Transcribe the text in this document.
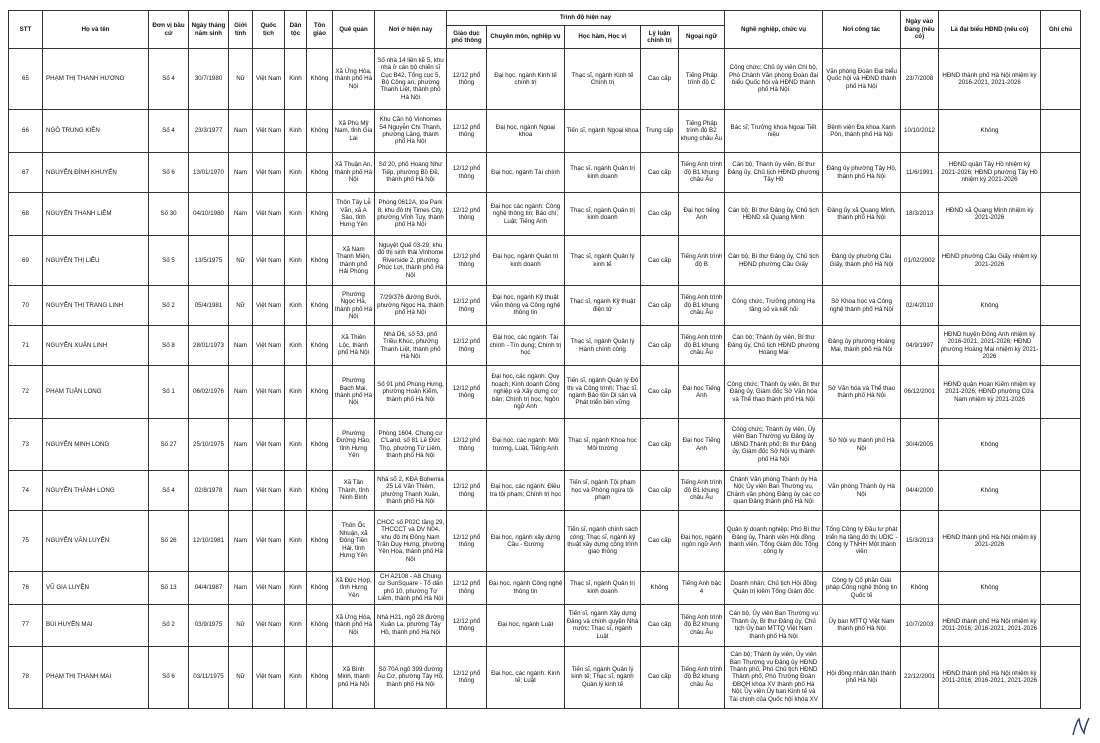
STT	Họ và tên	Đơn vị bầu cử	Ngày tháng năm sinh	Giới tính	Quốc tịch	Dân tộc	Tôn giáo	Quê quán	Nơi ở hiện nay	Trình độ hiện nay					Nghề nghiệp, chức vụ	Nơi công tác	Ngày vào Đảng (nếu có)	Là đại biểu HĐND (nếu có)	Ghi chú
										Giáo dục phổ thông	Chuyên môn, nghiệp vụ	Học hàm, Học vị	Lý luận chính trị	Ngoại ngữ					
65	PHẠM THỊ THANH HƯƠNG	Số 4	30/7/1980	Nữ	Việt Nam	Kinh	Không	Xã Ứng Hòa, thành phố Hà Nội	Số nhà 14 liền kề 5, khu nhà ở cán bộ chiến sĩ Cục B42, Tổng cục 5, Bộ Công an, phường Thanh Liệt, thành phố Hà Nội	12/12 phổ thông	Đại học, ngành Kinh tế chính trị	Thạc sĩ, ngành Kinh tế Chính trị	Cao cấp	Tiếng Pháp trình độ C	Công chức; Chủ ủy viên Chi bộ, Phó Chánh Văn phòng Đoàn đại biểu Quốc hội và HĐND thành phố Hà Nội	Văn phòng Đoàn Đại biểu Quốc hội và HĐND thành phố Hà Nội	23/7/2008	HĐND thành phố Hà Nội nhiệm kỳ 2016-2021, 2021-2026	
66	NGÔ TRUNG KIÊN	Số 4	23/3/1977	Nam	Việt Nam	Kinh	Không	Xã Phù Mỹ Nam, tỉnh Gia Lai	Khu Căn hộ Vinhomes 54 Nguyễn Chí Thanh, phường Láng, thành phố Hà Nội	12/12 phổ thông	Đại học, ngành Ngoại khoa	Tiến sĩ, ngành Ngoại khoa	Trung cấp	Tiếng Pháp trình độ B2 khung châu Âu	Bác sĩ; Trưởng khoa Ngoại Tiết niệu	Bệnh viện Đa khoa Xanh Pôn, thành phố Hà Nội	10/10/2012	Không	
67	NGUYỄN ĐÌNH KHUYẾN	Số 6	13/01/1970	Nam	Việt Nam	Kinh	Không	Xã Thuận An, thành phố Hà Nội	Số 20, phố Hoàng Như Tiếp, phường Bồ Đề, thành phố Hà Nội	12/12 phổ thông	Đại học, ngành Tài chính	Thạc sĩ, ngành Quản trị kinh doanh	Cao cấp	Tiếng Anh trình độ B1 khung châu Âu	Cán bộ, Thành ủy viên, Bí thư Đảng ủy, Chủ tịch HĐND phường Tây Hồ	Đảng ủy phường Tây Hồ, thành phố Hà Nội	11/6/1991	HĐND quận Tây Hồ nhiệm kỳ 2021-2026; HĐND phường Tây Hồ nhiệm kỳ 2021-2026	
68	NGUYỄN THANH LIÊM	Số 30	04/10/1980	Nam	Việt Nam	Kinh	Không	Thôn Tây Lễ Văn, xã A Sào, tỉnh Hưng Yên	Phòng 0612A, tòa Park 8, khu đô thị Times City, phường Vĩnh Tuy, thành phố Hà Nội	12/12 phổ thông	Đại học các ngành: Công nghệ thông tin; Báo chí; Luật; Tiếng Anh	Thạc sĩ, ngành Quản trị kinh doanh	Cao cấp	Đại học tiếng Anh	Cán bộ; Bí thư Đảng ủy, Chủ tịch HĐND xã Quang Minh	Đảng ủy xã Quang Minh, thành phố Hà Nội	18/3/2013	HĐND xã Quang Minh nhiệm kỳ 2021-2026	
69	NGUYỄN THỊ LIỄU	Số 5	13/5/1975	Nữ	Việt Nam	Kinh	Không	Xã Nam Thanh Miện, thành phố Hải Phòng	Nguyệt Quế 03-29, khu đô thị sinh thái Vinhome Riverside 2, phường Phúc Lợi, thành phố Hà Nội	12/12 phổ thông	Đại học, ngành Quản trị kinh doanh	Thạc sĩ, ngành Quản lý kinh tế	Cao cấp	Tiếng Anh trình độ B	Cán bộ; Bí thư Đảng ủy, Chủ tịch HĐND phường Cầu Giấy	Đảng ủy phường Cầu Giấy, thành phố Hà Nội	01/02/2002	HĐND phường Cầu Giấy nhiệm kỳ 2021-2026	
70	NGUYỄN THỊ TRANG LINH	Số 2	05/4/1981	Nữ	Việt Nam	Kinh	Không	Phường Ngọc Hà, thành phố Hà Nội	7/29/376 đường Bưởi, phường Ngọc Hà, thành phố Hà Nội	12/12 phổ thông	Đại học, ngành Kỹ thuật Viễn thông và Công nghệ thông tin	Thạc sĩ, ngành Kỹ thuật điện tử	Cao cấp	Tiếng Anh trình độ B1 khung châu Âu	Công chức, Trưởng phòng Hạ tầng số và kết nối	Sở Khoa học và Công nghệ thành phố Hà Nội	02/4/2010	Không	
71	NGUYỄN XUÂN LINH	Số 8	28/01/1973	Nam	Việt Nam	Kinh	Không	Xã Thiên Lộc, thành phố Hà Nội	Nhà D6, số 53, phố Triều Khúc, phường Thanh Liệt, thành phố Hà Nội	12/12 phổ thông	Đại học, các ngành: Tài chính - Tín dụng; Chính trị học	Thạc sĩ, ngành Quản lý Hành chính công	Cao cấp	Tiếng Anh trình độ B1 khung châu Âu	Cán bộ; Thành ủy viên, Bí thư Đảng ủy, Chủ tịch HĐND phường Hoàng Mai	Đảng ủy phường Hoàng Mai, thành phố Hà Nội	04/9/1997	HĐND huyện Đông Anh nhiệm kỳ 2016-2021, 2021-2026; HĐND phường Hoàng Mai nhiệm kỳ 2021-2026	
72	PHẠM TUẤN LONG	Số 1	06/02/1976	Nam	Việt Nam	Kinh	Không	Phường Bạch Mai, thành phố Hà Nội	Số 91 phố Phùng Hưng, phường Hoàn Kiếm, thành phố Hà Nội	12/12 phổ thông	Đại học, các ngành: Quy hoạch; Kinh doanh Công nghiệp và Xây dựng cơ bản; Chính trị học; Ngôn ngữ Anh	Tiến sĩ, ngành Quản lý Đô thị và Công trình; Thạc sĩ, ngành Bảo tồn Di sản và Phát triển bền vững	Cao cấp	Đại học Tiếng Anh	Công chức; Thành ủy viên, Bí thư Đảng ủy, Giám đốc Sở Văn hóa và Thể thao thành phố Hà Nội	Sở Văn hóa và Thể thao thành phố Hà Nội	06/12/2001	HĐND quận Hoàn Kiếm nhiệm kỳ 2021-2026; HĐND phường Cửa Nam nhiệm kỳ 2021-2026	
73	NGUYỄN MINH LONG	Số 27	25/10/1975	Nam	Việt Nam	Kinh	Không	Phường Đường Hào, tỉnh Hưng Yên	Phòng 1604, Chung cư C'Land, số 81 Lê Đức Thọ, phường Từ Liêm, thành phố Hà Nội	12/12 phổ thông	Đại học, các ngành: Môi trường, Luật, Tiếng Anh	Thạc sĩ, ngành Khoa học Môi trường	Cao cấp	Đại học Tiếng Anh	Công chức; Thành ủy viên, Ủy viên Ban Thường vụ Đảng ủy UBND Thành phố; Bí thư Đảng ủy, Giám đốc Sở Nội vụ thành phố Hà Nội	Sở Nội vụ thành phố Hà Nội	30/4/2005	Không	
74	NGUYỄN THÀNH LONG	Số 4	02/8/1978	Nam	Việt Nam	Kinh	Không	Xã Tân Thành, tỉnh Ninh Bình	Nhà số 2, KĐA Bohemia 25 Lê Văn Thiêm, phường Thanh Xuân, thành phố Hà Nội	12/12 phổ thông	Đại học, các ngành: Điều tra tội phạm; Chính trị học	Tiến sĩ, ngành Tội phạm học và Phòng ngừa tội phạm	Cao cấp	Tiếng Anh trình độ B1 khung châu Âu	Chánh Văn phòng Thành ủy Hà Nội; Ủy viên Ban Thường vụ, Chánh văn phòng Đảng ủy các cơ quan Đảng thành phố Hà Nội	Văn phòng Thành ủy Hà Nội	04/4/2000	Không	
75	NGUYỄN VĂN LUYỆN	Số 26	12/10/1981	Nam	Việt Nam	Kinh	Không	Thôn Ốc Nhuận, xã Đông Tiền Hải, tỉnh Hưng Yên	CHCC số P02C tầng 29, THCCCT và DV N04, khu đô thị Đông Nam Trần Duy Hưng, phường Yên Hòa, thành phố Hà Nội	12/12 phổ thông	Đại học, ngành xây dựng Cầu - Đường	Tiến sĩ, ngành chính sách công; Thạc sĩ, ngành kỹ thuật xây dựng công trình giao thông	Cao cấp	Đại học, ngành ngôn ngữ Anh	Quản lý doanh nghiệp; Phó Bí thư Đảng ủy, Thành viên Hội đồng thành viên, Tổng Giám đốc Tổng công ty	Tổng Công ty Đầu tư phát triển hạ tầng đô thị UDIC - Công ty TNHH Một thành viên	15/3/2013	HĐND thành phố Hà Nội nhiệm kỳ 2021-2026	
76	VŨ GIA LUYỆN	Số 13	04/4/1987	Nam	Việt Nam	Kinh	Không	Xã Đức Hợp, tỉnh Hưng Yên	CH A2108 - A8 Chung cư SunSquare - Tổ dân phố 10, phường Từ Liêm, thành phố Hà Nội	12/12 phổ thông	Đại học, ngành Công nghệ thông tin	Thạc sĩ, ngành Quản trị kinh doanh	Không	Tiếng Anh bậc 4	Doanh nhân; Chủ tịch Hội đồng Quản trị kiêm Tổng Giám đốc	Công ty Cổ phần Giải pháp Công nghệ thông tin Quốc tế	Không	Không	
77	BÙI HUYỀN MAI	Số 2	03/9/1975	Nữ	Việt Nam	Kinh	Không	Xã Ứng Hòa, thành phố Hà Nội	Nhà H21, ngõ 28 đường Xuân La, phường Tây Hồ, thành phố Hà Nội	12/12 phổ thông	Đại học, ngành Luật	Tiến sĩ, ngành Xây dựng Đảng và chính quyền Nhà nước; Thạc sĩ, ngành Luật	Cao cấp	Tiếng Anh trình độ B2 khung châu Âu	Cán bộ, Ủy viên Ban Thường vụ Thành ủy, Bí thư Đảng ủy, Chủ tịch Ủy ban MTTQ Việt Nam thành phố Hà Nội	Ủy ban MTTQ Việt Nam thành phố Hà Nội	10/7/2003	HĐND thành phố Hà Nội nhiệm kỳ 2011-2016, 2016-2021, 2021-2026	
78	PHẠM THỊ THANH MAI	Số 6	03/11/1975	Nữ	Việt Nam	Kinh	Không	Xã Bình Minh, thành phố Hà Nội	Số 70A ngõ 399 đường Âu Cơ, phường Tây Hồ, thành phố Hà Nội	12/12 phổ thông	Đại học, các ngành: Kinh tế; Luật	Tiến sĩ, ngành Quản lý kinh tế; Thạc sĩ, ngành Quản lý kinh tế	Cao cấp	Tiếng Anh trình độ B2 khung châu Âu	Cán bộ; Thành ủy viên, Ủy viên Ban Thường vụ Đảng ủy HĐND Thành phố, Phó Chủ tịch HĐND Thành phố, Phó Trưởng Đoàn ĐBQH khóa XV thành phố Hà Nội; Ủy viên Ủy ban Kinh tế và Tài chính của Quốc hội khóa XV	Hội đồng nhân dân thành phố Hà Nội	22/12/2001	HĐND thành phố Hà Nội nhiệm kỳ 2011-2016, 2016-2021, 2021-2026	
